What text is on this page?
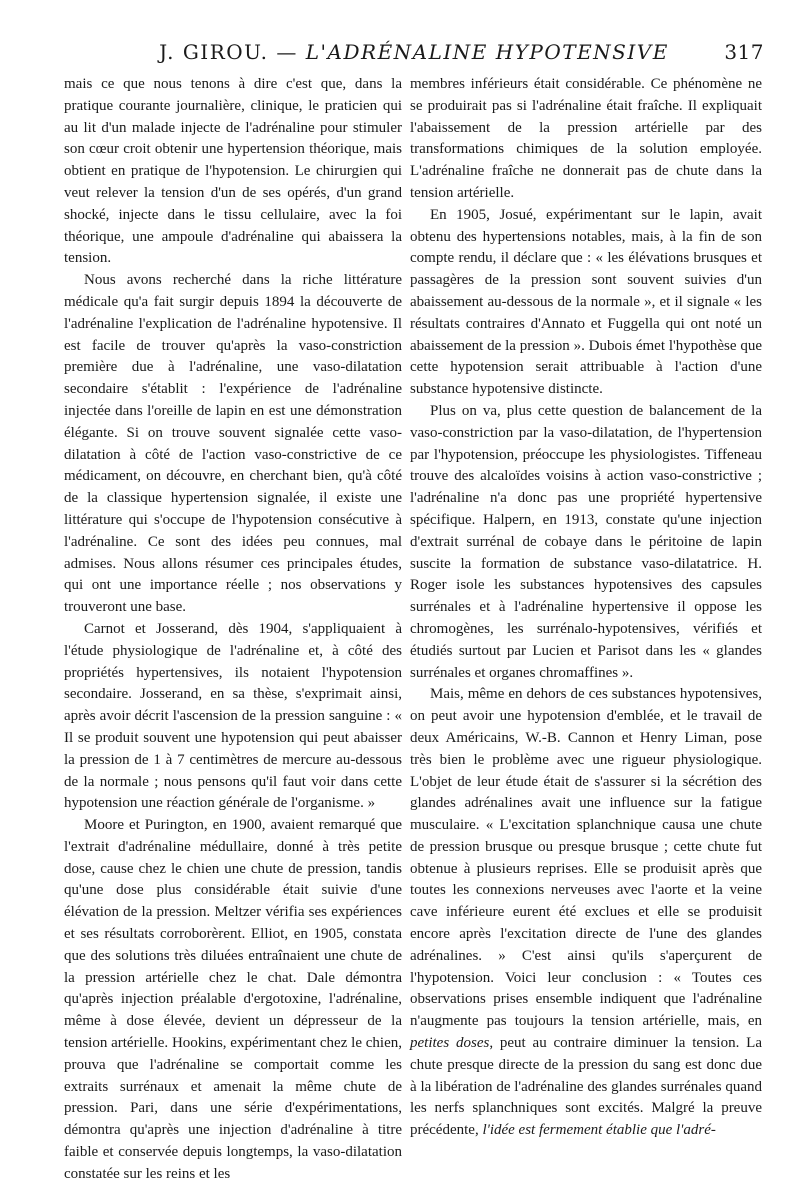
J. GIROU. — L'ADRÉNALINE HYPOTENSIVE	317

mais ce que nous tenons à dire c'est que, dans la pratique courante journalière, clinique, le praticien qui au lit d'un malade injecte de l'adrénaline pour stimuler son cœur croit obtenir une hypertension théorique, mais obtient en pratique de l'hypotension. Le chirurgien qui veut relever la tension d'un de ses opérés, d'un grand shocké, injecte dans le tissu cellulaire, avec la foi théorique, une ampoule d'adrénaline qui abaissera la tension.

Nous avons recherché dans la riche littérature médicale qu'a fait surgir depuis 1894 la découverte de l'adrénaline l'explication de l'adrénaline hypotensive. Il est facile de trouver qu'après la vaso-constriction première due à l'adrénaline, une vaso-dilatation secondaire s'établit : l'expérience de l'adrénaline injectée dans l'oreille de lapin en est une démonstration élégante. Si on trouve souvent signalée cette vaso-dilatation à côté de l'action vaso-constrictive de ce médicament, on découvre, en cherchant bien, qu'à côté de la classique hypertension signalée, il existe une littérature qui s'occupe de l'hypotension consécutive à l'adrénaline. Ce sont des idées peu connues, mal admises. Nous allons résumer ces principales études, qui ont une importance réelle ; nos observations y trouveront une base.

Carnot et Josserand, dès 1904, s'appliquaient à l'étude physiologique de l'adrénaline et, à côté des propriétés hypertensives, ils notaient l'hypotension secondaire. Josserand, en sa thèse, s'exprimait ainsi, après avoir décrit l'ascension de la pression sanguine : « Il se produit souvent une hypotension qui peut abaisser la pression de 1 à 7 centimètres de mercure au-dessous de la normale ; nous pensons qu'il faut voir dans cette hypotension une réaction générale de l'organisme. »

Moore et Purington, en 1900, avaient remarqué que l'extrait d'adrénaline médullaire, donné à très petite dose, cause chez le chien une chute de pression, tandis qu'une dose plus considérable était suivie d'une élévation de la pression. Meltzer vérifia ses expériences et ses résultats corroborèrent. Elliot, en 1905, constata que des solutions très diluées entraînaient une chute de la pression artérielle chez le chat. Dale démontra qu'après injection préalable d'ergotoxine, l'adrénaline, même à dose élevée, devient un dépresseur de la tension artérielle. Hookins, expérimentant chez le chien, prouva que l'adrénaline se comportait comme les extraits surrénaux et amenait la même chute de pression. Pari, dans une série d'expérimentations, démontra qu'après une injection d'adrénaline à titre faible et conservée depuis longtemps, la vaso-dilatation constatée sur les reins et les

membres inférieurs était considérable. Ce phénomène ne se produirait pas si l'adrénaline était fraîche. Il expliquait l'abaissement de la pression artérielle par des transformations chimiques de la solution employée. L'adrénaline fraîche ne donnerait pas de chute dans la tension artérielle.

En 1905, Josué, expérimentant sur le lapin, avait obtenu des hypertensions notables, mais, à la fin de son compte rendu, il déclare que : « les élévations brusques et passagères de la pression sont souvent suivies d'un abaissement au-dessous de la normale », et il signale « les résultats contraires d'Annato et Fuggella qui ont noté un abaissement de la pression ». Dubois émet l'hypothèse que cette hypotension serait attribuable à l'action d'une substance hypotensive distincte.

Plus on va, plus cette question de balancement de la vaso-constriction par la vaso-dilatation, de l'hypertension par l'hypotension, préoccupe les physiologistes. Tiffeneau trouve des alcaloïdes voisins à action vaso-constrictive ; l'adrénaline n'a donc pas une propriété hypertensive spécifique. Halpern, en 1913, constate qu'une injection d'extrait surrénal de cobaye dans le péritoine de lapin suscite la formation de substance vaso-dilatatrice. H. Roger isole les substances hypotensives des capsules surrénales et à l'adrénaline hypertensive il oppose les chromogènes, les surrénalo-hypotensives, vérifiés et étudiés surtout par Lucien et Parisot dans les « glandes surrénales et organes chromaffines ».

Mais, même en dehors de ces substances hypotensives, on peut avoir une hypotension d'emblée, et le travail de deux Américains, W.-B. Cannon et Henry Liman, pose très bien le problème avec une rigueur physiologique. L'objet de leur étude était de s'assurer si la sécrétion des glandes adrénalines avait une influence sur la fatigue musculaire. « L'excitation splanchnique causa une chute de pression brusque ou presque brusque ; cette chute fut obtenue à plusieurs reprises. Elle se produisit après que toutes les connexions nerveuses avec l'aorte et la veine cave inférieure eurent été exclues et elle se produisit encore après l'excitation directe de l'une des glandes adrénalines. » C'est ainsi qu'ils s'aperçurent de l'hypotension. Voici leur conclusion : « Toutes ces observations prises ensemble indiquent que l'adrénaline n'augmente pas toujours la tension artérielle, mais, en petites doses, peut au contraire diminuer la tension. La chute presque directe de la pression du sang est donc due à la libération de l'adrénaline des glandes surrénales quand les nerfs splanchniques sont excités. Malgré la preuve précédente, l'idée est fermement établie que l'adré-
